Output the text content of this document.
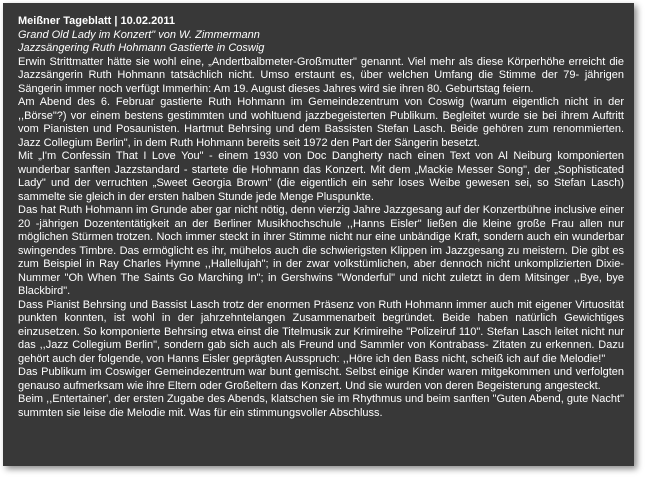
Meißner Tageblatt | 10.02.2011

Grand Old Lady im Konzert" von W. Zimmermann

Jazzsängering Ruth Hohmann Gastierte in Coswig

Erwin Strittmatter hätte sie wohl eine, „Andertbalbmeter-Großmutter" genannt. Viel mehr als diese Körperhöhe erreicht die Jazzsängerin Ruth Hohmann tatsächlich nicht. Umso erstaunt es, über welchen Umfang die Stimme der 79- jährigen Sängerin immer noch verfügt Immerhin: Am 19. August dieses Jahres wird sie ihren 80. Geburtstag feiern.

Am Abend des 6. Februar gastierte Ruth Hohmann im Gemeindezentrum von Coswig (warum eigentlich nicht in der ,,Börse"?) vor einem bestens gestimmten und wohltuend jazzbegeisterten Publikum. Begleitet wurde sie bei ihrem Auftritt vom Pianisten und Posaunisten. Hartmut Behrsing und dem Bassisten Stefan Lasch. Beide gehören zum renommierten. Jazz Collegium Berlin", in dem Ruth Hohmann bereits seit 1972 den Part der Sängerin besetzt.

Mit „I'm Confessin That I Love You" - einem 1930 von Doc Dangherty nach einen Text von Al Neiburg komponierten wunderbar sanften Jazzstandard - startete die Hohmann das Konzert. Mit dem „Mackie Messer Song", der „Sophisticated Lady" und der verruchten „Sweet Georgia Brown" (die eigentlich ein sehr loses Weibe gewesen sei, so Stefan Lasch) sammelte sie gleich in der ersten halben Stunde jede Menge Pluspunkte.

Das hat Ruth Hohmann im Grunde aber gar nicht nötig, denn vierzig Jahre Jazzgesang auf der Konzertbühne inclusive einer 20 -jährigen Dozententätigkeit an der Berliner Musikhochschule ,,Hanns Eisler" ließen die kleine große Frau allen nur möglichen Stürmen trotzen. Noch immer steckt in ihrer Stimme nicht nur eine unbändige Kraft, sondern auch ein wunderbar swingendes Timbre. Das ermöglicht es ihr, mühelos auch die schwierigsten Klippen im Jazzgesang zu meistern. Die gibt es zum Beispiel in Ray Charles Hymne ,,Hallellujah"; in der zwar volkstümlichen, aber dennoch nicht unkomplizierten Dixie-Nummer "Oh When The Saints Go Marching In"; in Gershwins "Wonderful" und nicht zuletzt in dem Mitsinger ,,Bye, bye Blackbird".

Dass Pianist Behrsing und Bassist Lasch trotz der enormen Präsenz von Ruth Hohmann immer auch mit eigener Virtuosität punkten konnten, ist wohl in der jahrzehntelangen Zusammenarbeit begründet. Beide haben natürlich Gewichtiges einzusetzen. So komponierte Behrsing etwa einst die Titelmusik zur Krimireihe "Polizeiruf 110". Stefan Lasch leitet nicht nur das ,,Jazz Collegium Berlin", sondern gab sich auch als Freund und Sammler von Kontrabass- Zitaten zu erkennen. Dazu gehört auch der folgende, von Hanns Eisler geprägten Ausspruch: ,,Höre ich den Bass nicht, scheiß ich auf die Melodie!"

Das Publikum im Coswiger Gemeindezentrum war bunt gemischt. Selbst einige Kinder waren mitgekommen und verfolgten genauso aufmerksam wie ihre Eltern oder Großeltern das Konzert. Und sie wurden von deren Begeisterung angesteckt.

Beim ,,Entertainer', der ersten Zugabe des Abends, klatschen sie im Rhythmus und beim sanften "Guten Abend, gute Nacht" summten sie leise die Melodie mit. Was für ein stimmungsvoller Abschluss.
